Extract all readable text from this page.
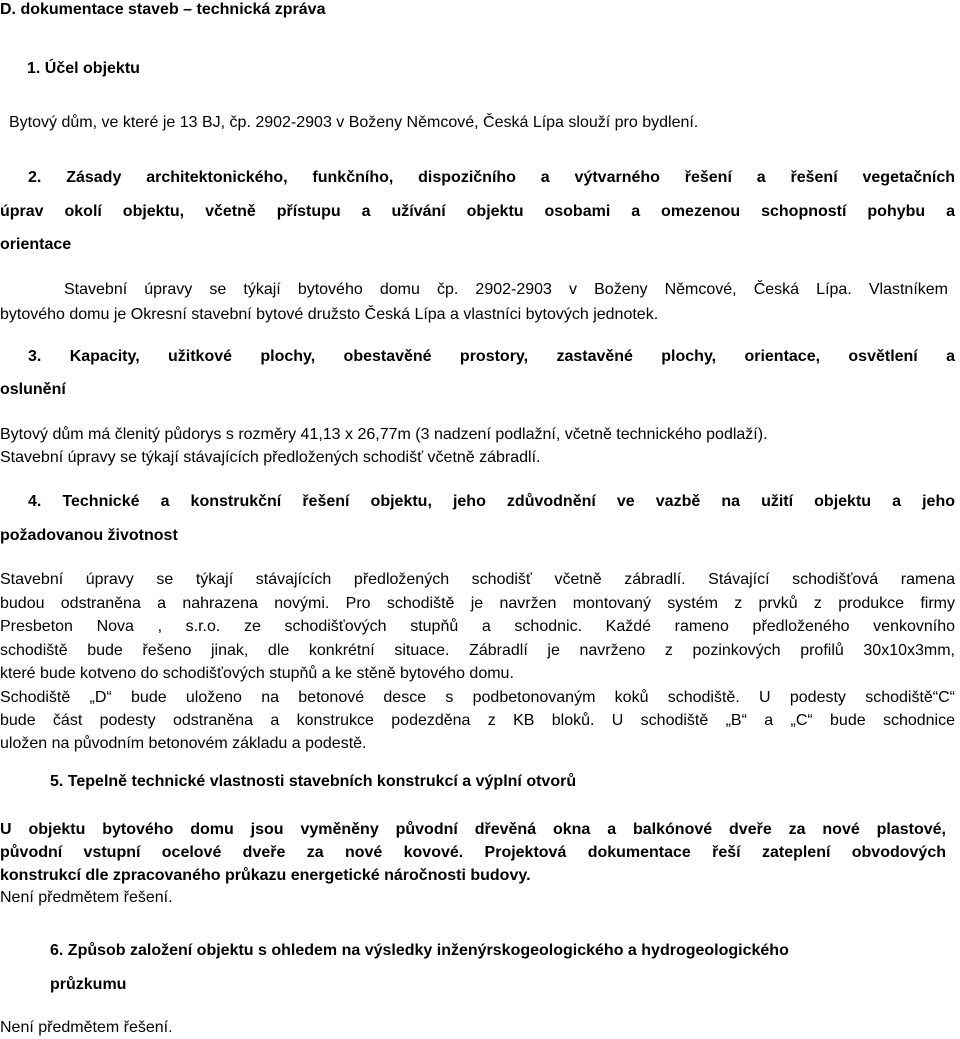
D. dokumentace staveb – technická zpráva
1. Účel objektu
Bytový dům, ve které je 13 BJ, čp. 2902-2903 v Boženy Němcové, Česká Lípa slouží pro bydlení.
2. Zásady architektonického, funkčního, dispozičního a výtvarného řešení a řešení vegetačních
úprav okolí objektu, včetně přístupu a užívání objektu osobami a omezenou schopností pohybu a
orientace
Stavební úpravy se týkají bytového domu čp. 2902-2903 v Boženy Němcové, Česká Lípa. Vlastníkem
bytového domu je Okresní stavební bytové družsto Česká Lípa a vlastníci bytových jednotek.
3. Kapacity, užitkové plochy, obestavěné prostory, zastavěné plochy, orientace, osvětlení a
oslunění
Bytový dům má členitý půdorys s rozměry 41,13 x 26,77m (3 nadzení podlažní, včetně technického podlaží).
Stavební úpravy se týkají stávajících předložených schodišť včetně zábradlí.
4. Technické a konstrukční řešení objektu, jeho zdůvodnění ve vazbě na užití objektu a jeho
požadovanou životnost
Stavební úpravy se týkají stávajících předložených schodišť včetně zábradlí. Stávající schodišťová ramena
budou odstraněna a nahrazena novými. Pro schodiště je navržen montovaný systém z prvků z produkce firmy
Presbeton Nova , s.r.o. ze schodišťových stupňů a schodnic. Každé rameno předloženého venkovního
schodiště bude řešeno jinak, dle konkrétní situace. Zábradlí je navrženo z pozinkových profilů 30x10x3mm,
které bude kotveno do schodišťových stupňů a ke stěně bytového domu.
Schodiště „D“ bude uloženo na betonové desce s podbetonovaným koků schodiště. U podesty schodiště“C“
bude část podesty odstraněna a konstrukce podezděna z KB bloků. U schodiště „B“ a „C“ bude schodnice
uložen na původním betonovém základu a podestě.
5. Tepelně technické vlastnosti stavebních konstrukcí a výplní otvorů
U objektu bytového domu jsou vyměněny původní dřevěná okna a balkónové dveře za nové plastové,
původní vstupní ocelové dveře za nové kovové. Projektová dokumentace řeší zateplení obvodových
konstrukcí dle zpracovaného průkazu energetické náročnosti budovy.
Není předmětem řešení.
6. Způsob založení objektu s ohledem na výsledky inženýrskogeologického a hydrogeologického
průzkumu
Není předmětem řešení.
